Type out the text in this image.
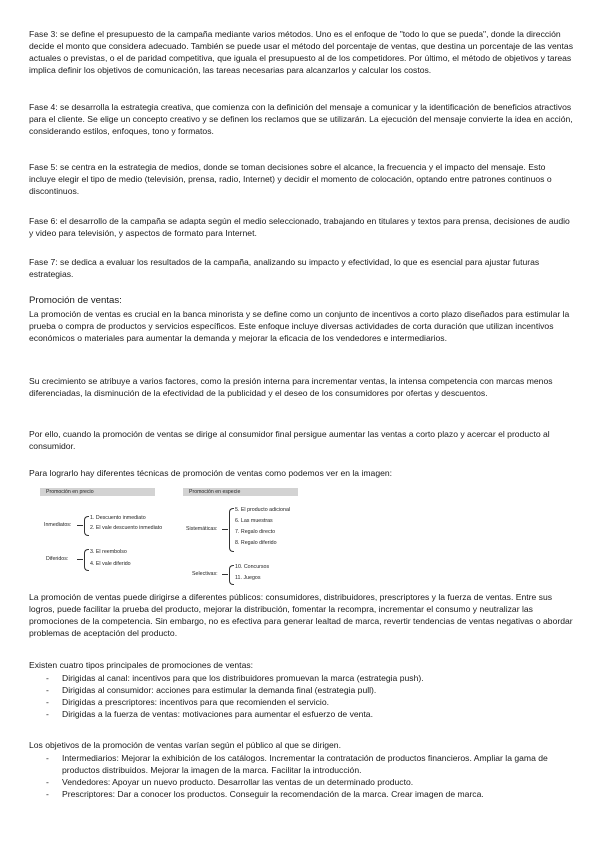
Fase 3: se define el presupuesto de la campaña mediante varios métodos. Uno es el enfoque de "todo lo que se pueda", donde la dirección decide el monto que considera adecuado. También se puede usar el método del porcentaje de ventas, que destina un porcentaje de las ventas actuales o previstas, o el de paridad competitiva, que iguala el presupuesto al de los competidores. Por último, el método de objetivos y tareas implica definir los objetivos de comunicación, las tareas necesarias para alcanzarlos y calcular los costos.

Fase 4: se desarrolla la estrategia creativa, que comienza con la definición del mensaje a comunicar y la identificación de beneficios atractivos para el cliente. Se elige un concepto creativo y se definen los reclamos que se utilizarán. La ejecución del mensaje convierte la idea en acción, considerando estilos, enfoques, tono y formatos.

Fase 5: se centra en la estrategia de medios, donde se toman decisiones sobre el alcance, la frecuencia y el impacto del mensaje. Esto incluye elegir el tipo de medio (televisión, prensa, radio, Internet) y decidir el momento de colocación, optando entre patrones continuos o discontinuos.

Fase 6: el desarrollo de la campaña se adapta según el medio seleccionado, trabajando en titulares y textos para prensa, decisiones de audio y video para televisión, y aspectos de formato para Internet.

Fase 7: se dedica a evaluar los resultados de la campaña, analizando su impacto y efectividad, lo que es esencial para ajustar futuras estrategias.

Promoción de ventas:

La promoción de ventas es crucial en la banca minorista y se define como un conjunto de incentivos a corto plazo diseñados para estimular la prueba o compra de productos y servicios específicos. Este enfoque incluye diversas actividades de corta duración que utilizan incentivos económicos o materiales para aumentar la demanda y mejorar la eficacia de los vendedores e intermediarios.

Su crecimiento se atribuye a varios factores, como la presión interna para incrementar ventas, la intensa competencia con marcas menos diferenciadas, la disminución de la efectividad de la publicidad y el deseo de los consumidores por ofertas y descuentos.

Por ello, cuando la promoción de ventas se dirige al consumidor final persigue aumentar las ventas a corto plazo y acercar el producto al consumidor.

Para lograrlo hay diferentes técnicas de promoción de ventas como podemos ver en la imagen:

Promoción en precio	Promoción en especie
Inmediatos:
1. Descuento inmediato
2. El vale descuento inmediato
Diferidos:
3. El reembolso
4. El vale diferido
Sistemáticas:
5. El producto adicional
6. Las muestras
7. Regalo directo
8. Regalo diferido
Selectivas:
10. Concursos
11. Juegos

La promoción de ventas puede dirigirse a diferentes públicos: consumidores, distribuidores, prescriptores y la fuerza de ventas. Entre sus logros, puede facilitar la prueba del producto, mejorar la distribución, fomentar la recompra, incrementar el consumo y neutralizar las promociones de la competencia. Sin embargo, no es efectiva para generar lealtad de marca, revertir tendencias de ventas negativas o abordar problemas de aceptación del producto.

Existen cuatro tipos principales de promociones de ventas:

- Dirigidas al canal: incentivos para que los distribuidores promuevan la marca (estrategia push).
- Dirigidas al consumidor: acciones para estimular la demanda final (estrategia pull).
- Dirigidas a prescriptores: incentivos para que recomienden el servicio.
- Dirigidas a la fuerza de ventas: motivaciones para aumentar el esfuerzo de venta.

Los objetivos de la promoción de ventas varían según el público al que se dirigen.

- Intermediarios: Mejorar la exhibición de los catálogos. Incrementar la contratación de productos financieros. Ampliar la gama de productos distribuidos. Mejorar la imagen de la marca. Facilitar la introducción.
- Vendedores: Apoyar un nuevo producto. Desarrollar las ventas de un determinado producto.
- Prescriptores: Dar a conocer los productos. Conseguir la recomendación de la marca. Crear imagen de marca.
